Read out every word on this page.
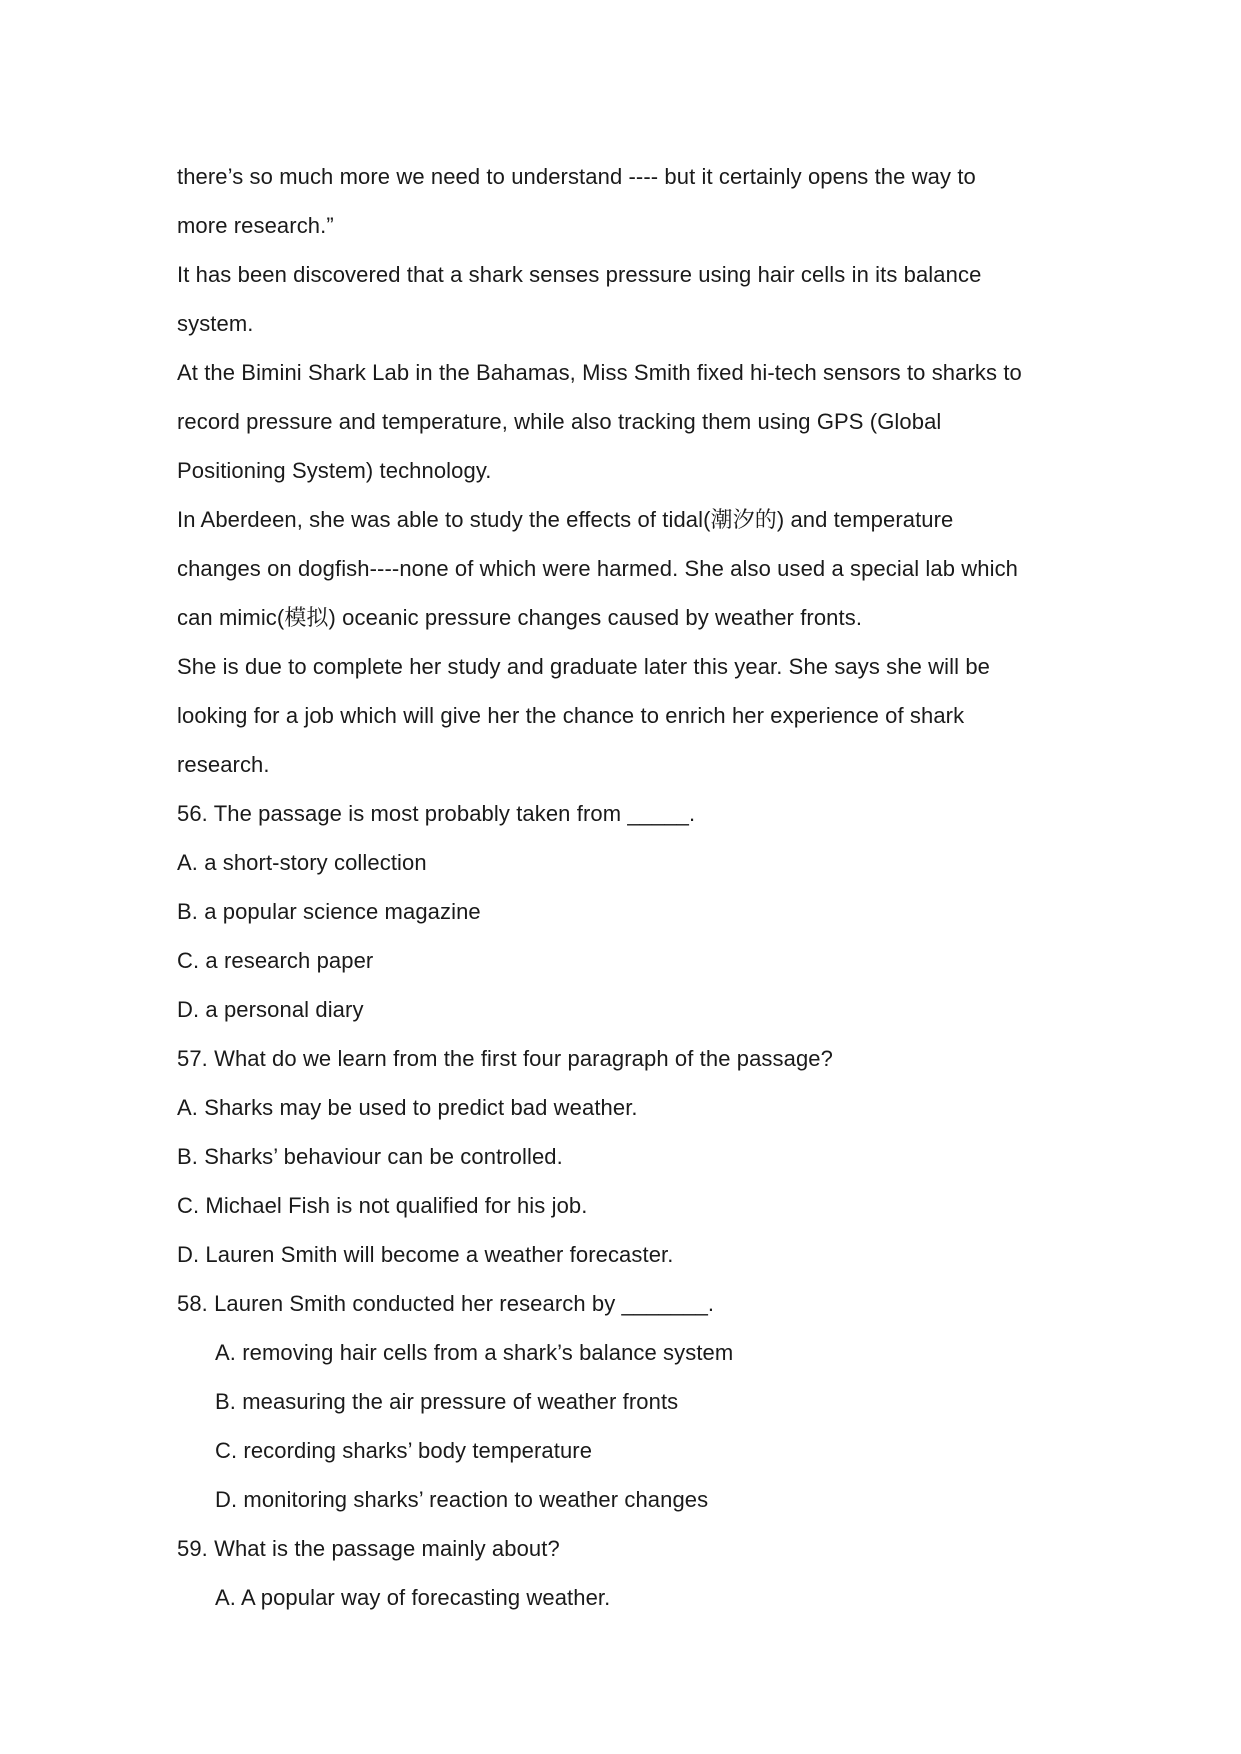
there’s so much more we need to understand ---- but it certainly opens the way to
more research.”
It has been discovered that a shark senses pressure using hair cells in its balance
system.
At the Bimini Shark Lab in the Bahamas, Miss Smith fixed hi-tech sensors to sharks to
record pressure and temperature, while also tracking them using GPS (Global
Positioning System) technology.
In Aberdeen, she was able to study the effects of tidal(潮汐的) and temperature
changes on dogfish----none of which were harmed. She also used a special lab which
can mimic(模拟) oceanic pressure changes caused by weather fronts.
She is due to complete her study and graduate later this year. She says she will be
looking for a job which will give her the chance to enrich her experience of shark
research.
56. The passage is most probably taken from _____.
A. a short-story collection
B. a popular science magazine
C. a research paper
D. a personal diary
57. What do we learn from the first four paragraph of the passage?
A. Sharks may be used to predict bad weather.
B. Sharks’ behaviour can be controlled.
C. Michael Fish is not qualified for his job.
D. Lauren Smith will become a weather forecaster.
58. Lauren Smith conducted her research by _______.
A. removing hair cells from a shark’s balance system
B. measuring the air pressure of weather fronts
C. recording sharks’ body temperature
D. monitoring sharks’ reaction to weather changes
59. What is the passage mainly about?
A. A popular way of forecasting weather.
